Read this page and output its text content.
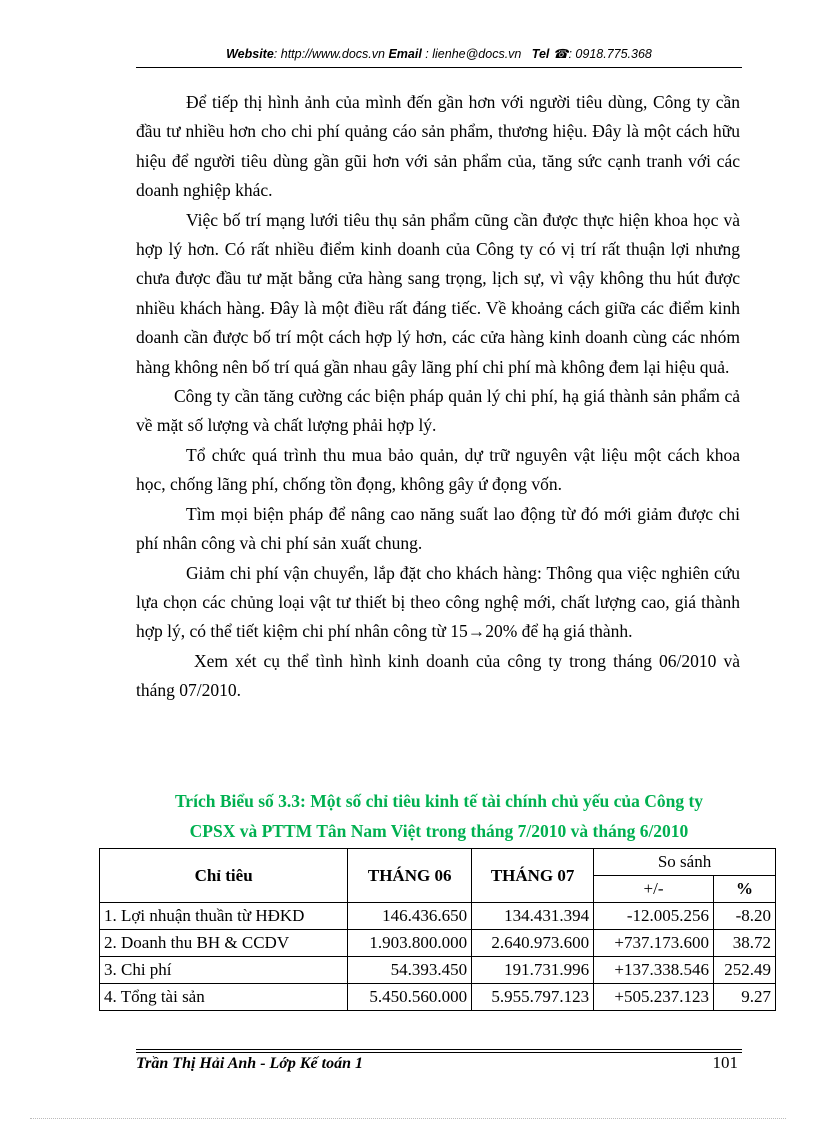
Website: http://www.docs.vn Email : lienhe@docs.vn Tel ☎: 0918.775.368

Để tiếp thị hình ảnh của mình đến gần hơn với người tiêu dùng, Công ty cần đầu tư nhiều hơn cho chi phí quảng cáo sản phẩm, thương hiệu. Đây là một cách hữu hiệu để người tiêu dùng gần gũi hơn với sản phẩm của, tăng sức cạnh tranh với các doanh nghiệp khác.

Việc bố trí mạng lưới tiêu thụ sản phẩm cũng cần được thực hiện khoa học và hợp lý hơn. Có rất nhiều điểm kinh doanh của Công ty có vị trí rất thuận lợi nhưng chưa được đầu tư mặt bằng cửa hàng sang trọng, lịch sự, vì vậy không thu hút được nhiều khách hàng. Đây là một điều rất đáng tiếc. Về khoảng cách giữa các điểm kinh doanh cần được bố trí một cách hợp lý hơn, các cửa hàng kinh doanh cùng các nhóm hàng không nên bố trí quá gần nhau gây lãng phí chi phí mà không đem lại hiệu quả.

Công ty cần tăng cường các biện pháp quản lý chi phí, hạ giá thành sản phẩm cả về mặt số lượng và chất lượng phải hợp lý.

Tổ chức quá trình thu mua bảo quản, dự trữ nguyên vật liệu một cách khoa học, chống lãng phí, chống tồn đọng, không gây ứ đọng vốn.

Tìm mọi biện pháp để nâng cao năng suất lao động từ đó mới giảm được chi phí nhân công và chi phí sản xuất chung.

Giảm chi phí vận chuyển, lắp đặt cho khách hàng: Thông qua việc nghiên cứu lựa chọn các chủng loại vật tư thiết bị theo công nghệ mới, chất lượng cao, giá thành hợp lý, có thể tiết kiệm chi phí nhân công từ 15→20% để hạ giá thành.

Xem xét cụ thể tình hình kinh doanh của công ty trong tháng 06/2010 và tháng 07/2010.

Trích Biểu số 3.3: Một số chỉ tiêu kinh tế tài chính chủ yếu của Công ty
CPSX và PTTM Tân Nam Việt trong tháng 7/2010 và tháng 6/2010
Chỉ tiêu	THÁNG 06	THÁNG 07	So sánh	
			+/-	%
1. Lợi nhuận thuần từ HĐKD	146.436.650	134.431.394	-12.005.256	-8.20
2. Doanh thu BH & CCDV	1.903.800.000	2.640.973.600	+737.173.600	38.72
3. Chi phí	54.393.450	191.731.996	+137.338.546	252.49
4. Tổng tài sản	5.450.560.000	5.955.797.123	+505.237.123	9.27
Trần Thị Hải Anh - Lớp Kế toán 1	101
